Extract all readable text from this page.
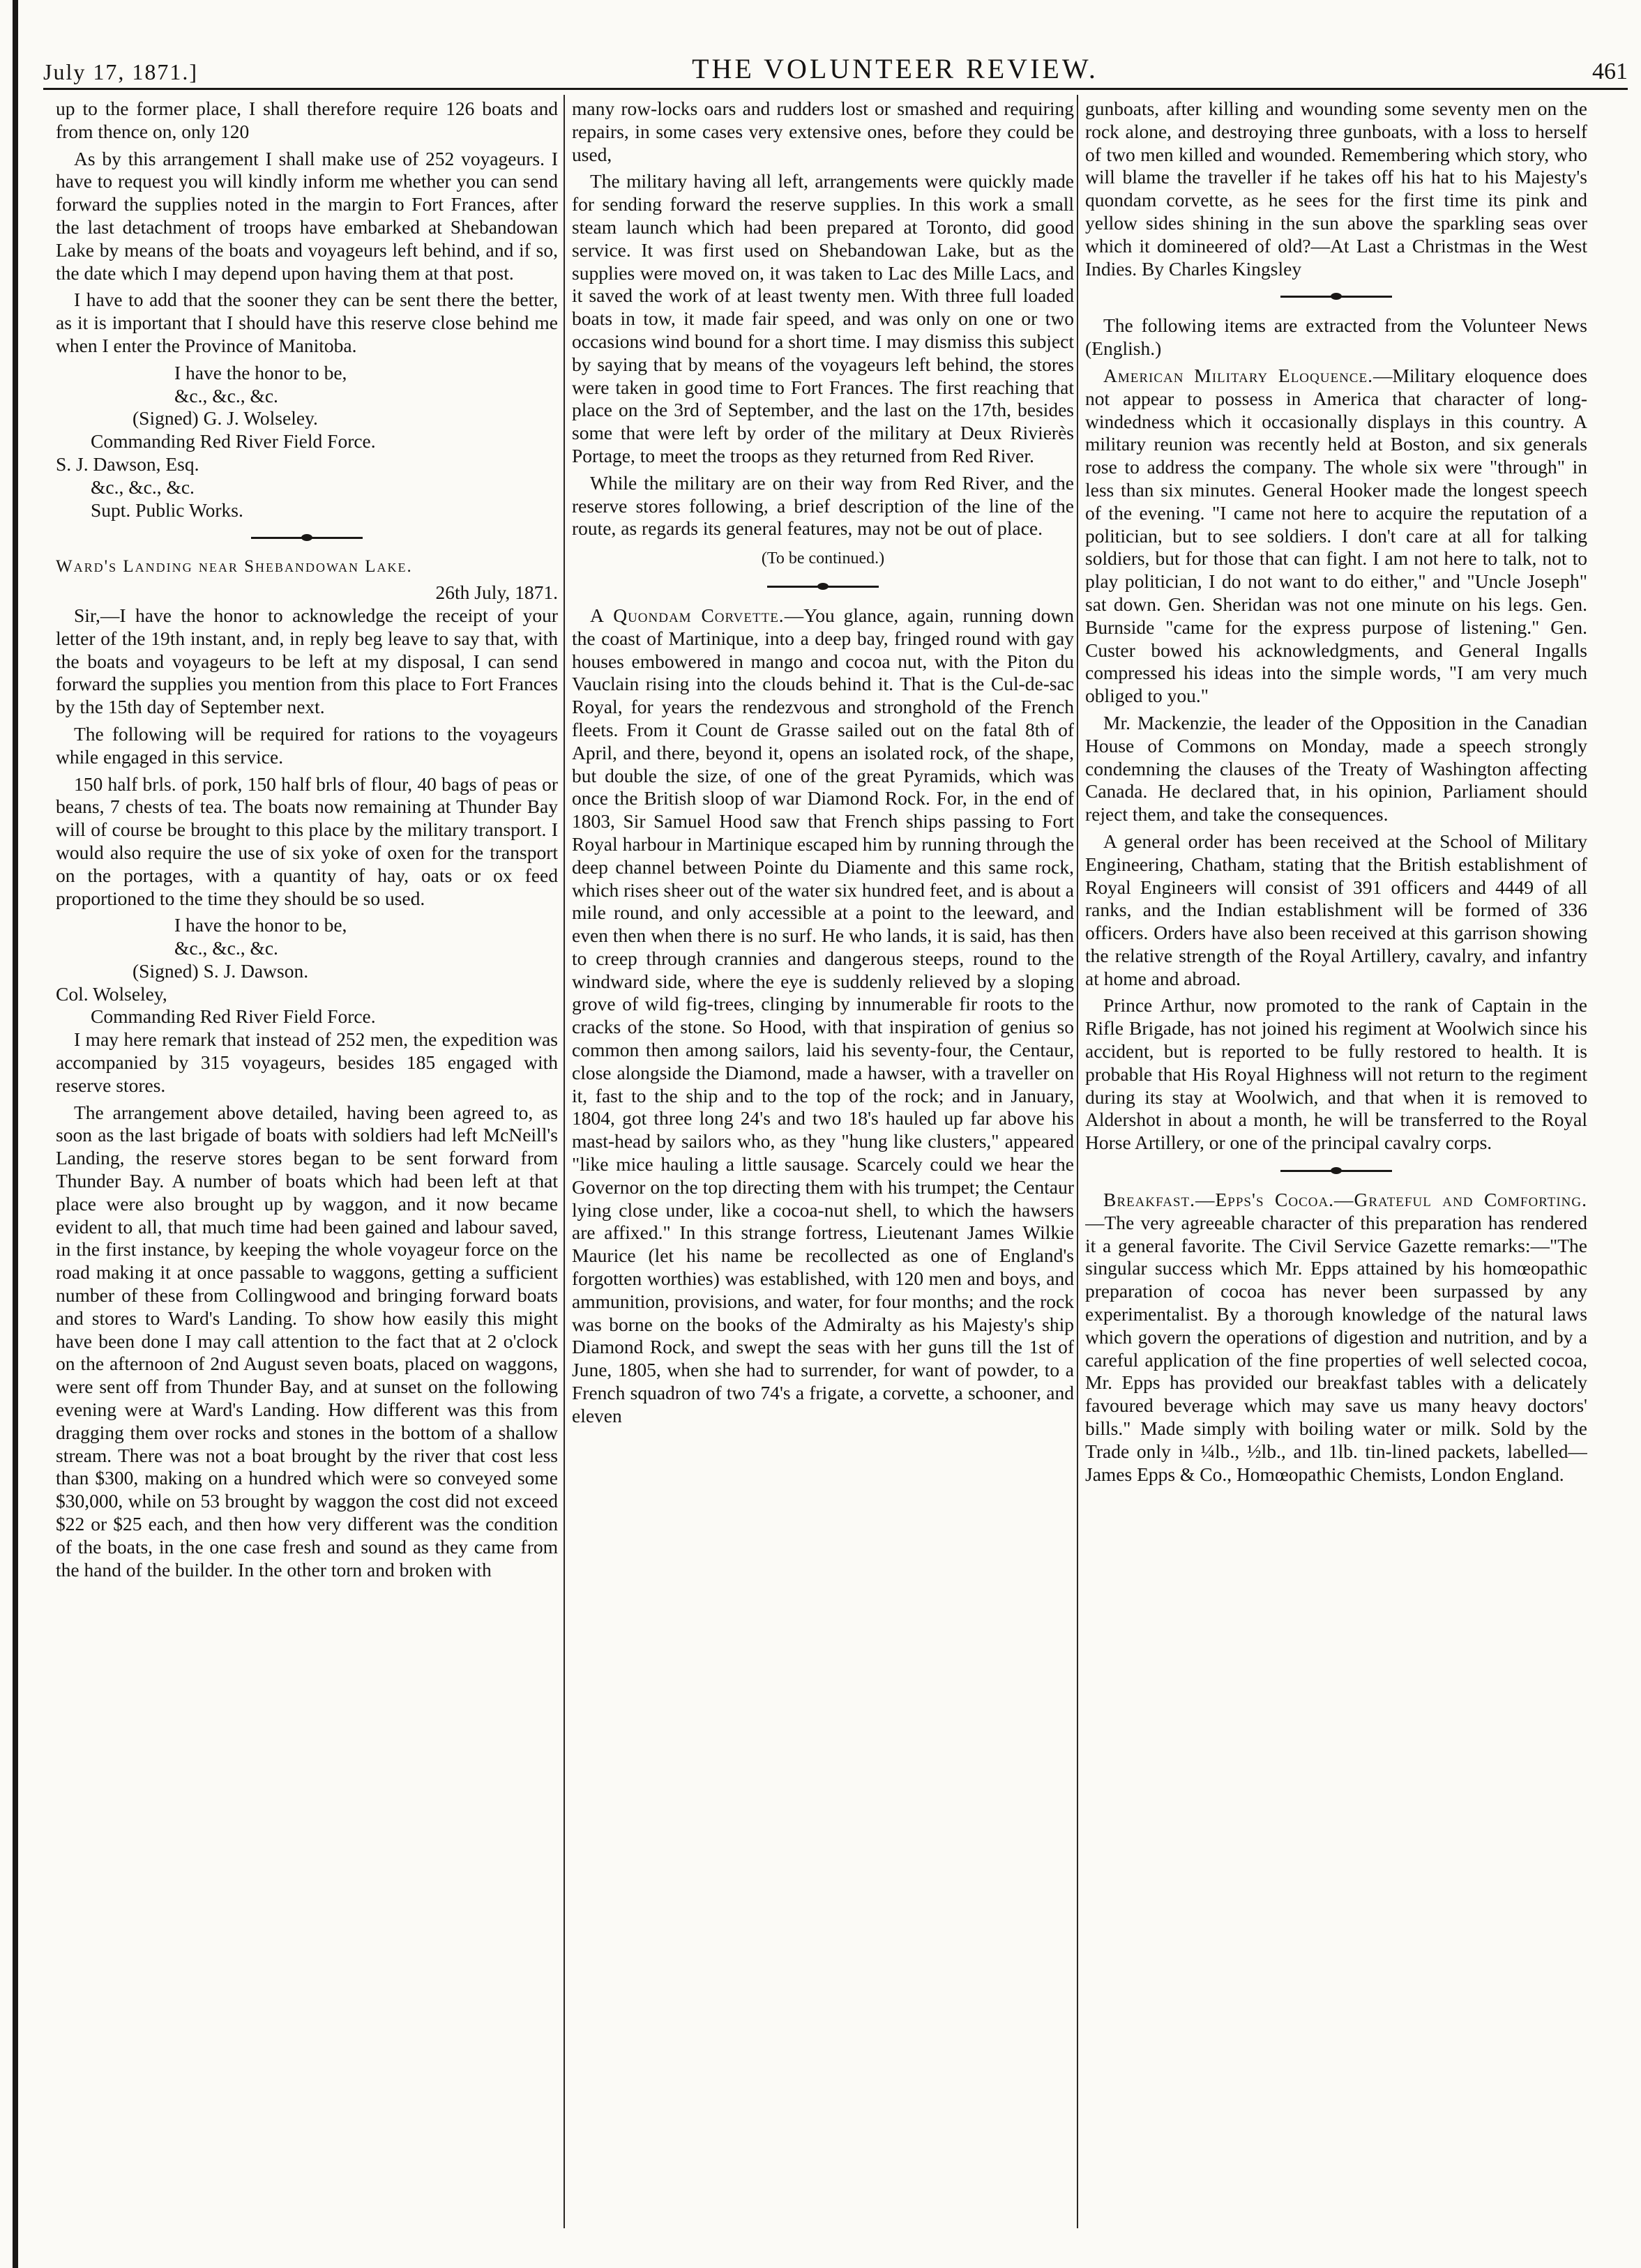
July 17, 1871.]	THE VOLUNTEER REVIEW.	461

up to the former place, I shall therefore require 126 boats and from thence on, only 120

As by this arrangement I shall make use of 252 voyageurs. I have to request you will kindly inform me whether you can send forward the supplies noted in the margin to Fort Frances, after the last detachment of troops have embarked at Shebandowan Lake by means of the boats and voyageurs left behind, and if so, the date which I may depend upon having them at that post.

I have to add that the sooner they can be sent there the better, as it is important that I should have this reserve close behind me when I enter the Province of Manitoba.

I have the honor to be,
&c., &c., &c.
(Signed) G. J. Wolseley.
Commanding Red River Field Force.
S. J. Dawson, Esq.
&c., &c., &c.
Supt. Public Works.
Ward's Landing near Shebandowan Lake.
26th July, 1871.

Sir,—I have the honor to acknowledge the receipt of your letter of the 19th instant, and, in reply beg leave to say that, with the boats and voyageurs to be left at my disposal, I can send forward the supplies you mention from this place to Fort Frances by the 15th day of September next.

The following will be required for rations to the voyageurs while engaged in this service.

150 half brls. of pork, 150 half brls of flour, 40 bags of peas or beans, 7 chests of tea. The boats now remaining at Thunder Bay will of course be brought to this place by the military transport. I would also require the use of six yoke of oxen for the transport on the portages, with a quantity of hay, oats or ox feed proportioned to the time they should be so used.

I have the honor to be,
&c., &c., &c.
(Signed) S. J. Dawson.
Col. Wolseley,
Commanding Red River Field Force.

I may here remark that instead of 252 men, the expedition was accompanied by 315 voyageurs, besides 185 engaged with reserve stores.

The arrangement above detailed, having been agreed to, as soon as the last brigade of boats with soldiers had left McNeill's Landing, the reserve stores began to be sent forward from Thunder Bay. A number of boats which had been left at that place were also brought up by waggon, and it now became evident to all, that much time had been gained and labour saved, in the first instance, by keeping the whole voyageur force on the road making it at once passable to waggons, getting a sufficient number of these from Collingwood and bringing forward boats and stores to Ward's Landing. To show how easily this might have been done I may call attention to the fact that at 2 o'clock on the afternoon of 2nd August seven boats, placed on waggons, were sent off from Thunder Bay, and at sunset on the following evening were at Ward's Landing. How different was this from dragging them over rocks and stones in the bottom of a shallow stream. There was not a boat brought by the river that cost less than $300, making on a hundred which were so conveyed some $30,000, while on 53 brought by waggon the cost did not exceed $22 or $25 each, and then how very different was the condition of the boats, in the one case fresh and sound as they came from the hand of the builder. In the other torn and broken with

many row-locks oars and rudders lost or smashed and requiring repairs, in some cases very extensive ones, before they could be used,

The military having all left, arrangements were quickly made for sending forward the reserve supplies. In this work a small steam launch which had been prepared at Toronto, did good service. It was first used on Shebandowan Lake, but as the supplies were moved on, it was taken to Lac des Mille Lacs, and it saved the work of at least twenty men. With three full loaded boats in tow, it made fair speed, and was only on one or two occasions wind bound for a short time. I may dismiss this subject by saying that by means of the voyageurs left behind, the stores were taken in good time to Fort Frances. The first reaching that place on the 3rd of September, and the last on the 17th, besides some that were left by order of the military at Deux Rivierès Portage, to meet the troops as they returned from Red River.

While the military are on their way from Red River, and the reserve stores following, a brief description of the line of the route, as regards its general features, may not be out of place.

(To be continued.)

A Quondam Corvette.—You glance, again, running down the coast of Martinique, into a deep bay, fringed round with gay houses embowered in mango and cocoa nut, with the Piton du Vauclain rising into the clouds behind it. That is the Cul-de-sac Royal, for years the rendezvous and stronghold of the French fleets. From it Count de Grasse sailed out on the fatal 8th of April, and there, beyond it, opens an isolated rock, of the shape, but double the size, of one of the great Pyramids, which was once the British sloop of war Diamond Rock. For, in the end of 1803, Sir Samuel Hood saw that French ships passing to Fort Royal harbour in Martinique escaped him by running through the deep channel between Pointe du Diamente and this same rock, which rises sheer out of the water six hundred feet, and is about a mile round, and only accessible at a point to the leeward, and even then when there is no surf. He who lands, it is said, has then to creep through crannies and dangerous steeps, round to the windward side, where the eye is suddenly relieved by a sloping grove of wild fig-trees, clinging by innumerable fir roots to the cracks of the stone. So Hood, with that inspiration of genius so common then among sailors, laid his seventy-four, the Centaur, close alongside the Diamond, made a hawser, with a traveller on it, fast to the ship and to the top of the rock; and in January, 1804, got three long 24's and two 18's hauled up far above his mast-head by sailors who, as they "hung like clusters," appeared "like mice hauling a little sausage. Scarcely could we hear the Governor on the top directing them with his trumpet; the Centaur lying close under, like a cocoa-nut shell, to which the hawsers are affixed." In this strange fortress, Lieutenant James Wilkie Maurice (let his name be recollected as one of England's forgotten worthies) was established, with 120 men and boys, and ammunition, provisions, and water, for four months; and the rock was borne on the books of the Admiralty as his Majesty's ship Diamond Rock, and swept the seas with her guns till the 1st of June, 1805, when she had to surrender, for want of powder, to a French squadron of two 74's a frigate, a corvette, a schooner, and eleven

gunboats, after killing and wounding some seventy men on the rock alone, and destroying three gunboats, with a loss to herself of two men killed and wounded. Remembering which story, who will blame the traveller if he takes off his hat to his Majesty's quondam corvette, as he sees for the first time its pink and yellow sides shining in the sun above the sparkling seas over which it domineered of old?—At Last a Christmas in the West Indies. By Charles Kingsley

The following items are extracted from the Volunteer News (English.)

American Military Eloquence.—Military eloquence does not appear to possess in America that character of long-windedness which it occasionally displays in this country. A military reunion was recently held at Boston, and six generals rose to address the company. The whole six were "through" in less than six minutes. General Hooker made the longest speech of the evening. "I came not here to acquire the reputation of a politician, but to see soldiers. I don't care at all for talking soldiers, but for those that can fight. I am not here to talk, not to play politician, I do not want to do either," and "Uncle Joseph" sat down. Gen. Sheridan was not one minute on his legs. Gen. Burnside "came for the express purpose of listening." Gen. Custer bowed his acknowledgments, and General Ingalls compressed his ideas into the simple words, "I am very much obliged to you."

Mr. Mackenzie, the leader of the Opposition in the Canadian House of Commons on Monday, made a speech strongly condemning the clauses of the Treaty of Washington affecting Canada. He declared that, in his opinion, Parliament should reject them, and take the consequences.

A general order has been received at the School of Military Engineering, Chatham, stating that the British establishment of Royal Engineers will consist of 391 officers and 4449 of all ranks, and the Indian establishment will be formed of 336 officers. Orders have also been received at this garrison showing the relative strength of the Royal Artillery, cavalry, and infantry at home and abroad.

Prince Arthur, now promoted to the rank of Captain in the Rifle Brigade, has not joined his regiment at Woolwich since his accident, but is reported to be fully restored to health. It is probable that His Royal Highness will not return to the regiment during its stay at Woolwich, and that when it is removed to Aldershot in about a month, he will be transferred to the Royal Horse Artillery, or one of the principal cavalry corps.

Breakfast.—Epps's Cocoa.—Grateful and Comforting.—The very agreeable character of this preparation has rendered it a general favorite. The Civil Service Gazette remarks:—"The singular success which Mr. Epps attained by his homœopathic preparation of cocoa has never been surpassed by any experimentalist. By a thorough knowledge of the natural laws which govern the operations of digestion and nutrition, and by a careful application of the fine properties of well selected cocoa, Mr. Epps has provided our breakfast tables with a delicately favoured beverage which may save us many heavy doctors' bills." Made simply with boiling water or milk. Sold by the Trade only in ¼lb., ½lb., and 1lb. tin-lined packets, labelled—James Epps & Co., Homœopathic Chemists, London England.
